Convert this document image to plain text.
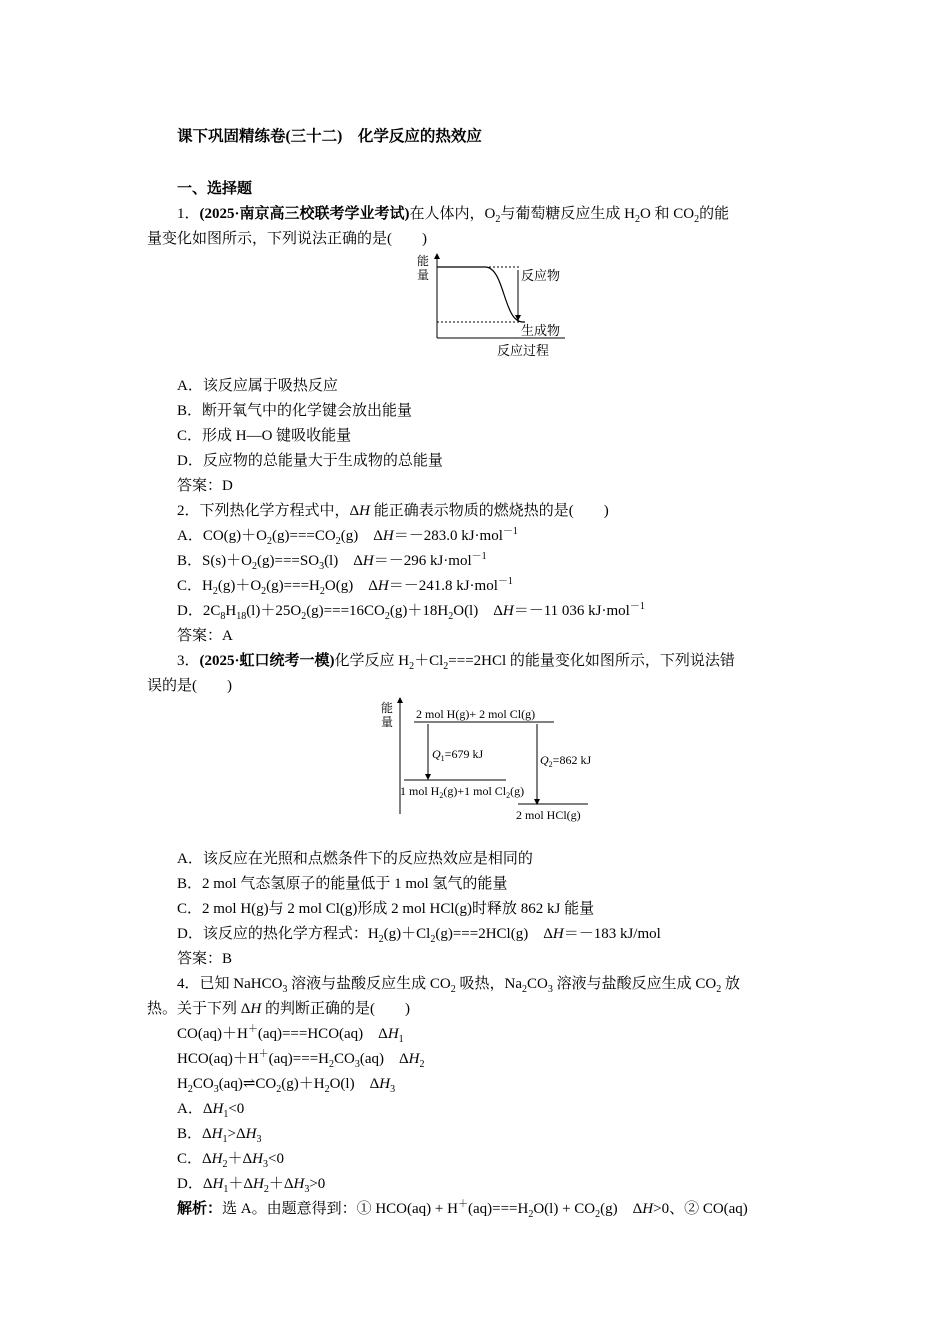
课下巩固精练卷(三十二)　化学反应的热效应
一、选择题
1．(2025·南京高三校联考学业考试)在人体内，$O_2$与葡萄糖反应生成 $H_2O$ 和 $CO_2$的能
量变化如图所示，下列说法正确的是(　　)
能
量	反应物
生成物
反应过程
A．该反应属于吸热反应
B．断开氧气中的化学键会放出能量
C．形成 H—O 键吸收能量
D．反应物的总能量大于生成物的总能量
答案：D
2．下列热化学方程式中，ΔH 能正确表示物质的燃烧热的是(　　)
A．$CO(g)+O_2(g)===CO_2(g)$　ΔH＝－283.0 kJ·mol$^{-1}$
B．$S(s)+O_2(g)===SO_3(l)$　ΔH＝－296 kJ·mol$^{-1}$
C．$H_2(g)+O_2(g)===H_2O(g)$　ΔH＝－241.8 kJ·mol$^{-1}$
D．$2C_8H_{18}(l)+25O_2(g)===16CO_2(g)+18H_2O(l)$　ΔH＝－11 036 kJ·mol$^{-1}$
答案：A
3．(2025·虹口统考一模)化学反应 $H_2+Cl_2===2HCl$ 的能量变化如图所示，下列说法错
误的是(　　)
能
量
2 mol H(g)+ 2 mol Cl(g)
$Q_1=679$ kJ
1 mol $H_2(g)+1$ mol $Cl_2(g)$
$Q_2=862$ kJ
2 mol HCl(g)
A．该反应在光照和点燃条件下的反应热效应是相同的
B．2 mol 气态氢原子的能量低于 1 mol 氢气的能量
C．2 mol H(g)与 2 mol Cl(g)形成 2 mol HCl(g)时释放 862 kJ 能量
D．该反应的热化学方程式：$H_2(g)+Cl_2(g)===2HCl(g)$　ΔH＝－183 kJ/mol
答案：B
4．已知 NaHCO$_3$ 溶液与盐酸反应生成 $CO_2$ 吸热，$Na_2CO_3$ 溶液与盐酸反应生成 $CO_2$ 放
热。关于下列 ΔH 的判断正确的是(　　)
CO(aq)＋H＋(aq)===HCO(aq)　$\Delta H_1$
$HCO(aq)+H^+(aq)===H_2CO_3(aq)$　$\Delta H_2$
$H_2CO_3(aq)\rightleftharpoons CO_2(g)+H_2O(l)$　$\Delta H_3$
A．$\Delta H_1<0$
B．$\Delta H_1>\Delta H_3$
C．$\Delta H_2+\Delta H_3<0$
D．$\Delta H_1+\Delta H_2+\Delta H_3>0$
解析：选 A。由题意得到：① $HCO(aq) + H^+(aq)===H_2O(l) + CO_2(g)$　ΔH>0、② CO(aq)
